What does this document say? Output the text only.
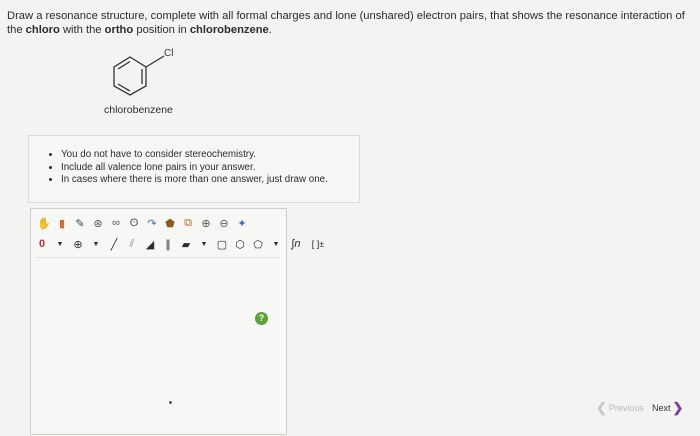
Draw a resonance structure, complete with all formal charges and lone (unshared) electron pairs, that shows the resonance interaction of the chloro with the ortho position in chlorobenzene.
Cl
chlorobenzene
• You do not have to consider stereochemistry.
• Include all valence lone pairs in your answer.
• In cases where there is more than one answer, just draw one.
✋ ▮ ✎ ⊛ ∞ ʘ ↷ ⬟ ⧉ ⊕ ⊖ ✦
0	▼ ⊕	▼	╱	⫽	◢	∥	▰	▼ ▢ ⬡ ⬠	▼	∫n	[ ]±
?
❮ Previous Next ❯
